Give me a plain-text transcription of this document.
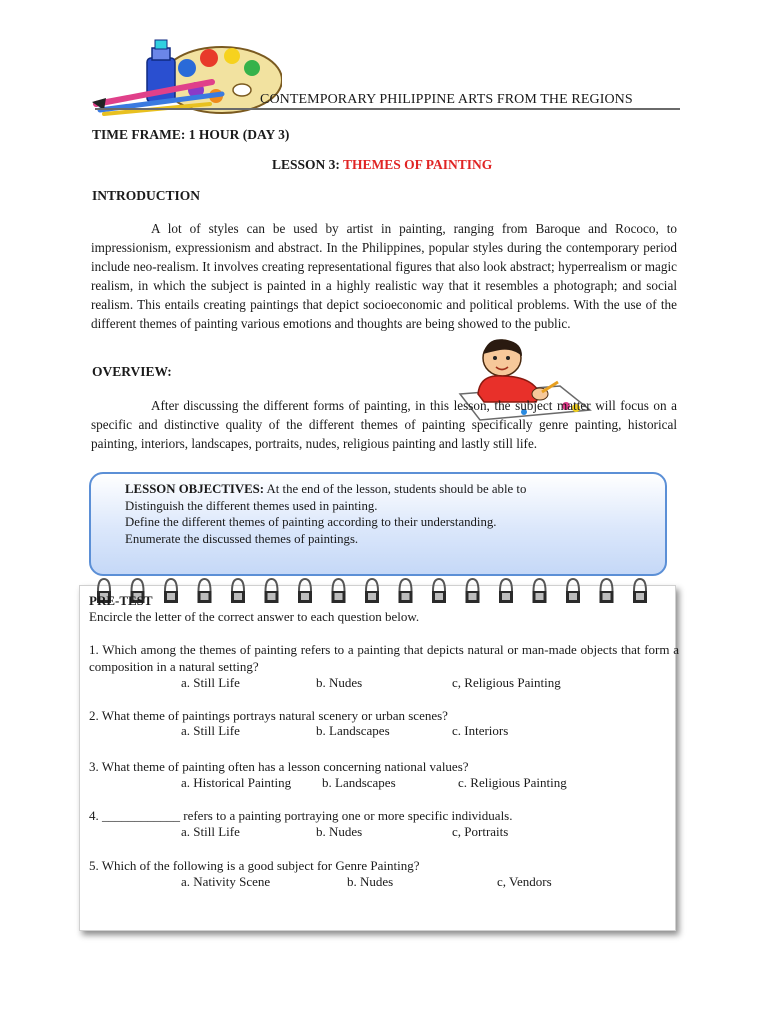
CONTEMPORARY PHILIPPINE ARTS FROM THE REGIONS
TIME FRAME: 1 HOUR (DAY 3)
LESSON 3: THEMES OF PAINTING
INTRODUCTION

A lot of styles can be used by artist in painting, ranging from Baroque and Rococo, to impressionism, expressionism and abstract. In the Philippines, popular styles during the contemporary period include neo-realism. It involves creating representational figures that also look abstract; hyperrealism or magic realism, in which the subject is painted in a highly realistic way that it resembles a photograph; and social realism. This entails creating paintings that depict socioeconomic and political problems. With the use of the different themes of painting various emotions and thoughts are being showed to the public.

OVERVIEW:

After discussing the different forms of painting, in this lesson, the subject matter will focus on a specific and distinctive quality of the different themes of painting specifically genre painting, historical painting, interiors, landscapes, portraits, nudes, religious painting and lastly still life.

LESSON OBJECTIVES: At the end of the lesson, students should be able to
Distinguish the different themes used in painting.
Define the different themes of painting according to their understanding.
Enumerate the discussed themes of paintings.
PRE-TEST
Encircle the letter of the correct answer to each question below.
1. Which among the themes of painting refers to a painting that depicts natural or man-made objects that form a composition in a natural setting?
a. Still Life	b. Nudes	c, Religious Painting
2. What theme of paintings portrays natural scenery or urban scenes?
a. Still Life	b. Landscapes	c. Interiors
3. What theme of painting often has a lesson concerning national values?
a. Historical Painting b. Landscapes	c. Religious Painting
4. ____________ refers to a painting portraying one or more specific individuals.
a. Still Life	b. Nudes	c, Portraits
5. Which of the following is a good subject for Genre Painting?
a. Nativity Scene	b. Nudes	c, Vendors
